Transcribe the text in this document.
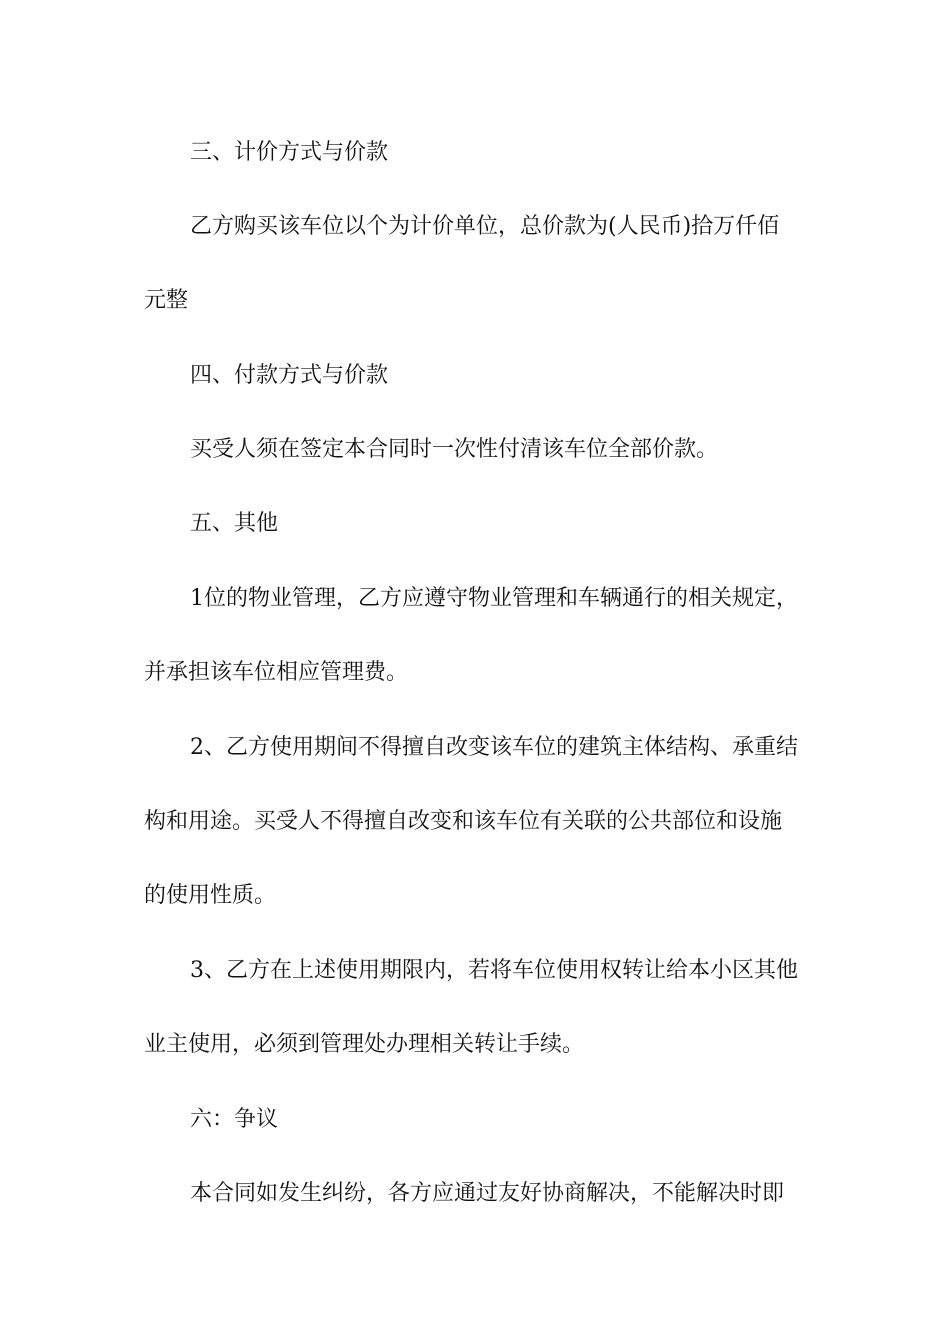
三、计价方式与价款

乙方购买该车位以个为计价单位，总价款为(人民币)拾万仟佰

元整

四、付款方式与价款

买受人须在签定本合同时一次性付清该车位全部价款。

五、其他

1位的物业管理，乙方应遵守物业管理和车辆通行的相关规定，

并承担该车位相应管理费。

2、乙方使用期间不得擅自改变该车位的建筑主体结构、承重结

构和用途。买受人不得擅自改变和该车位有关联的公共部位和设施

的使用性质。

3、乙方在上述使用期限内，若将车位使用权转让给本小区其他

业主使用，必须到管理处办理相关转让手续。

六：争议

本合同如发生纠纷，各方应通过友好协商解决，不能解决时即
